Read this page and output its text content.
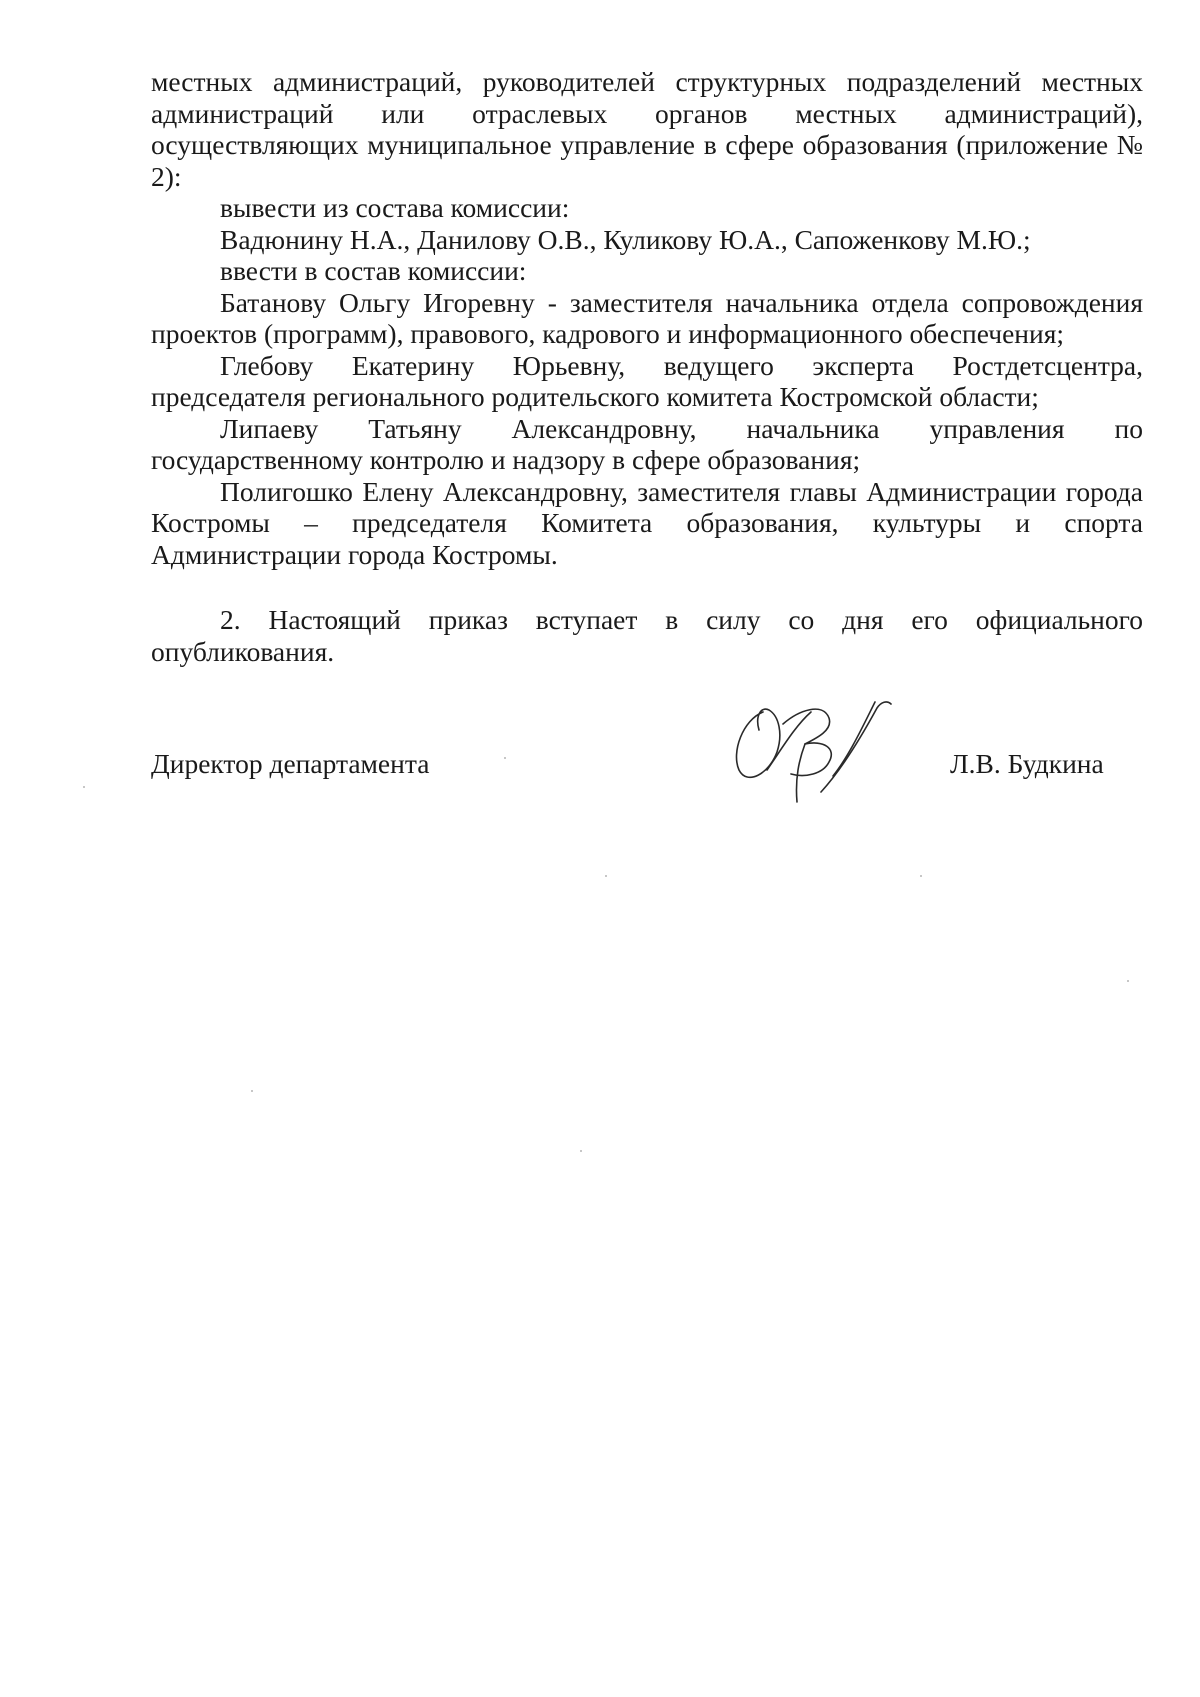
местных администраций, руководителей структурных подразделений местных администраций или отраслевых органов местных администраций), осуществляющих муниципальное управление в сфере образования (приложение № 2):

вывести из состава комиссии:

Вадюнину Н.А., Данилову О.В., Куликову Ю.А., Сапоженкову М.Ю.;

ввести в состав комиссии:

Батанову Ольгу Игоревну - заместителя начальника отдела сопровождения проектов (программ), правового, кадрового и информационного обеспечения;

Глебову Екатерину Юрьевну, ведущего эксперта Ростдетсцентра, председателя регионального родительского комитета Костромской области;

Липаеву Татьяну Александровну, начальника управления по государственному контролю и надзору в сфере образования;

Полигошко Елену Александровну, заместителя главы Администрации города Костромы – председателя Комитета образования, культуры и спорта Администрации города Костромы.

2. Настоящий приказ вступает в силу со дня его официального опубликования.

Директор департамента	Л.В. Будкина
